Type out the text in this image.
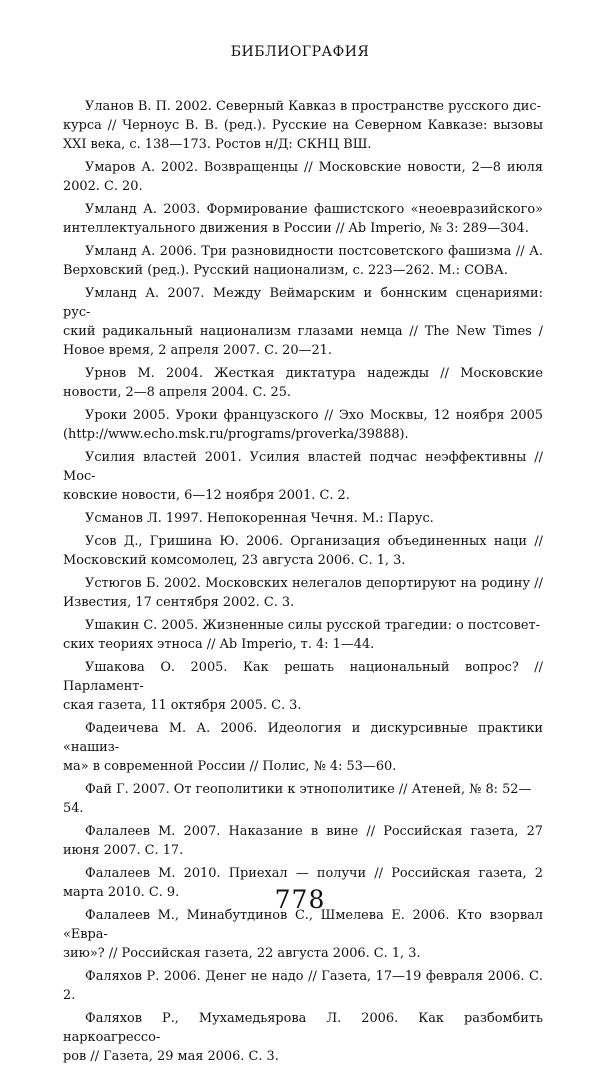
БИБЛИОГРАФИЯ

Уланов В. П. 2002. Северный Кавказ в пространстве русского дис-
курса // Черноус В. В. (ред.). Русские на Северном Кавказе: вызовы XXI века, с. 138—173. Ростов н/Д: СКНЦ ВШ.

Умаров А. 2002. Возвращенцы // Московские новости, 2—8 июля 2002. С. 20.

Умланд А. 2003. Формирование фашистского «неоевразийского» интеллектуального движения в России // Ab Imperio, № 3: 289—304.

Умланд А. 2006. Три разновидности постсоветского фашизма // А. Верховский (ред.). Русский национализм, с. 223—262. М.: СОВА.

Умланд А. 2007. Между Веймарским и боннским сценариями: рус-
ский радикальный национализм глазами немца // The New Times / Новое время, 2 апреля 2007. С. 20—21.

Урнов М. 2004. Жесткая диктатура надежды // Московские новости, 2—8 апреля 2004. С. 25.

Уроки 2005. Уроки французского // Эхо Москвы, 12 ноября 2005 (http://www.echo.msk.ru/programs/proverka/39888).

Усилия властей 2001. Усилия властей подчас неэффективны // Мос-
ковские новости, 6—12 ноября 2001. С. 2.

Усманов Л. 1997. Непокоренная Чечня. М.: Парус.

Усов Д., Гришина Ю. 2006. Организация объединенных наци // Московский комсомолец, 23 августа 2006. С. 1, 3.

Устюгов Б. 2002. Московских нелегалов депортируют на родину // Известия, 17 сентября 2002. С. 3.

Ушакин С. 2005. Жизненные силы русской трагедии: о постсовет-
ских теориях этноса // Ab Imperio, т. 4: 1—44.

Ушакова О. 2005. Как решать национальный вопрос? // Парламент-
ская газета, 11 октября 2005. С. 3.

Фадеичева М. А. 2006. Идеология и дискурсивные практики «нашиз-
ма» в современной России // Полис, № 4: 53—60.

Фай Г. 2007. От геополитики к этнополитике // Атеней, № 8: 52—
54.

Фалалеев М. 2007. Наказание в вине // Российская газета, 27 июня 2007. С. 17.

Фалалеев М. 2010. Приехал — получи // Российская газета, 2 марта 2010. С. 9.

Фалалеев М., Минабутдинов С., Шмелева Е. 2006. Кто взорвал «Евра-
зию»? // Российская газета, 22 августа 2006. С. 1, 3.

Фаляхов Р. 2006. Денег не надо // Газета, 17—19 февраля 2006. С. 2.

Фаляхов Р., Мухамедьярова Л. 2006. Как разбомбить наркоагрессо-
ров // Газета, 29 мая 2006. С. 3.

778
